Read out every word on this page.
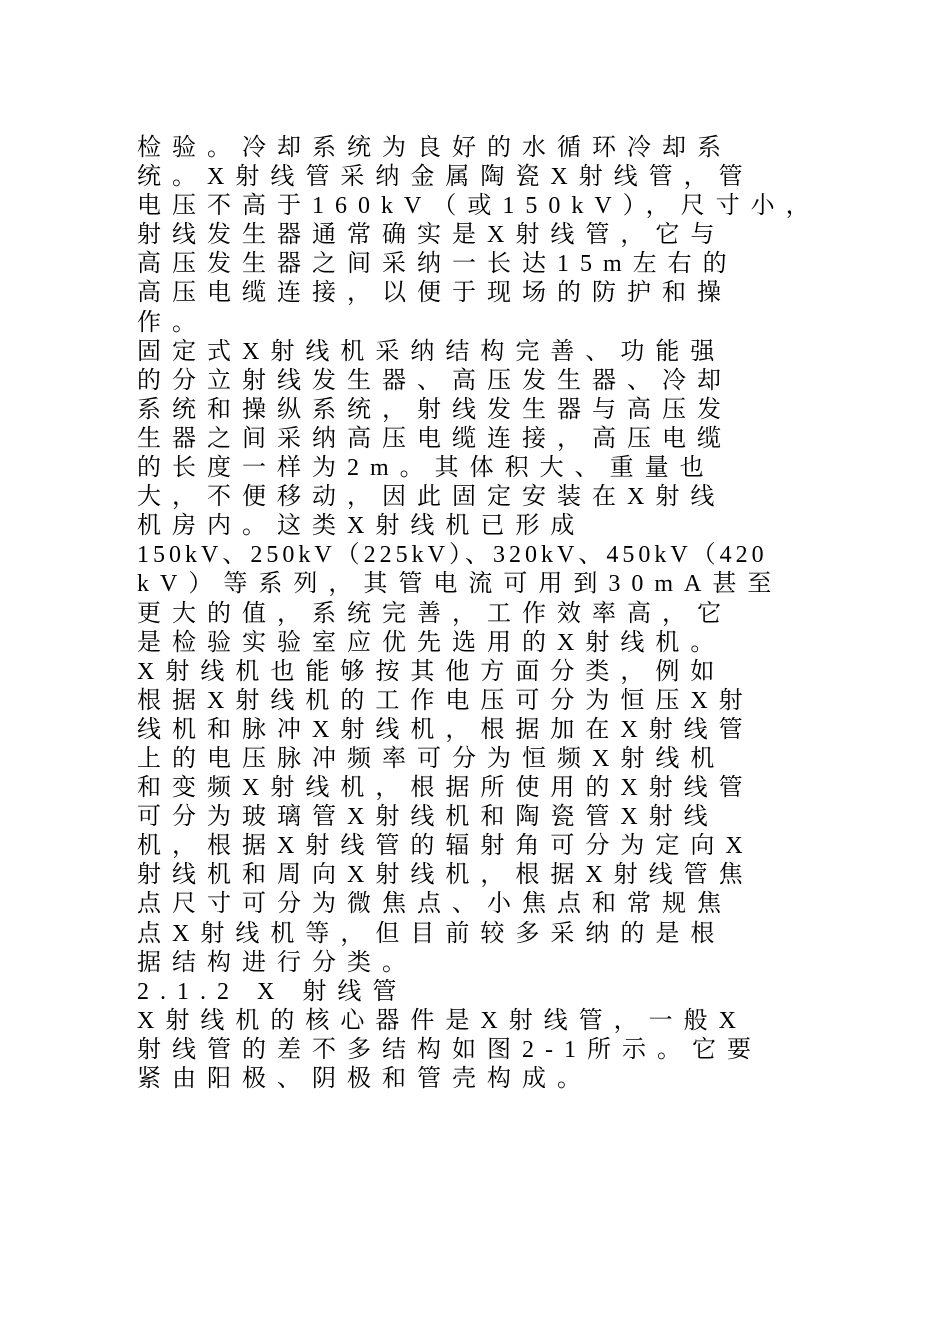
检验。冷却系统为良好的水循环冷却系
统。X射线管采纳金属陶瓷X射线管，管
电压不高于160kV（或150kV），尺寸小，
射线发生器通常确实是X射线管，它与
高压发生器之间采纳一长达15m左右的
高压电缆连接，以便于现场的防护和操
作。
固定式X射线机采纳结构完善、功能强
的分立射线发生器、高压发生器、冷却
系统和操纵系统，射线发生器与高压发
生器之间采纳高压电缆连接，高压电缆
的长度一样为2m。其体积大、重量也
大，不便移动，因此固定安装在X射线
机房内。这类X射线机已形成
150kV、250kV（225kV）、320kV、450kV（420
kV）等系列，其管电流可用到30mA甚至
更大的值，系统完善，工作效率高，它
是检验实验室应优先选用的X射线机。
X射线机也能够按其他方面分类，例如
根据X射线机的工作电压可分为恒压X射
线机和脉冲X射线机，根据加在X射线管
上的电压脉冲频率可分为恒频X射线机
和变频X射线机，根据所使用的X射线管
可分为玻璃管X射线机和陶瓷管X射线
机，根据X射线管的辐射角可分为定向X
射线机和周向X射线机，根据X射线管焦
点尺寸可分为微焦点、小焦点和常规焦
点X射线机等，但目前较多采纳的是根
据结构进行分类。
2.1.2 X 射线管
X射线机的核心器件是X射线管，一般X
射线管的差不多结构如图2-1所示。它要
紧由阳极、阴极和管壳构成。
